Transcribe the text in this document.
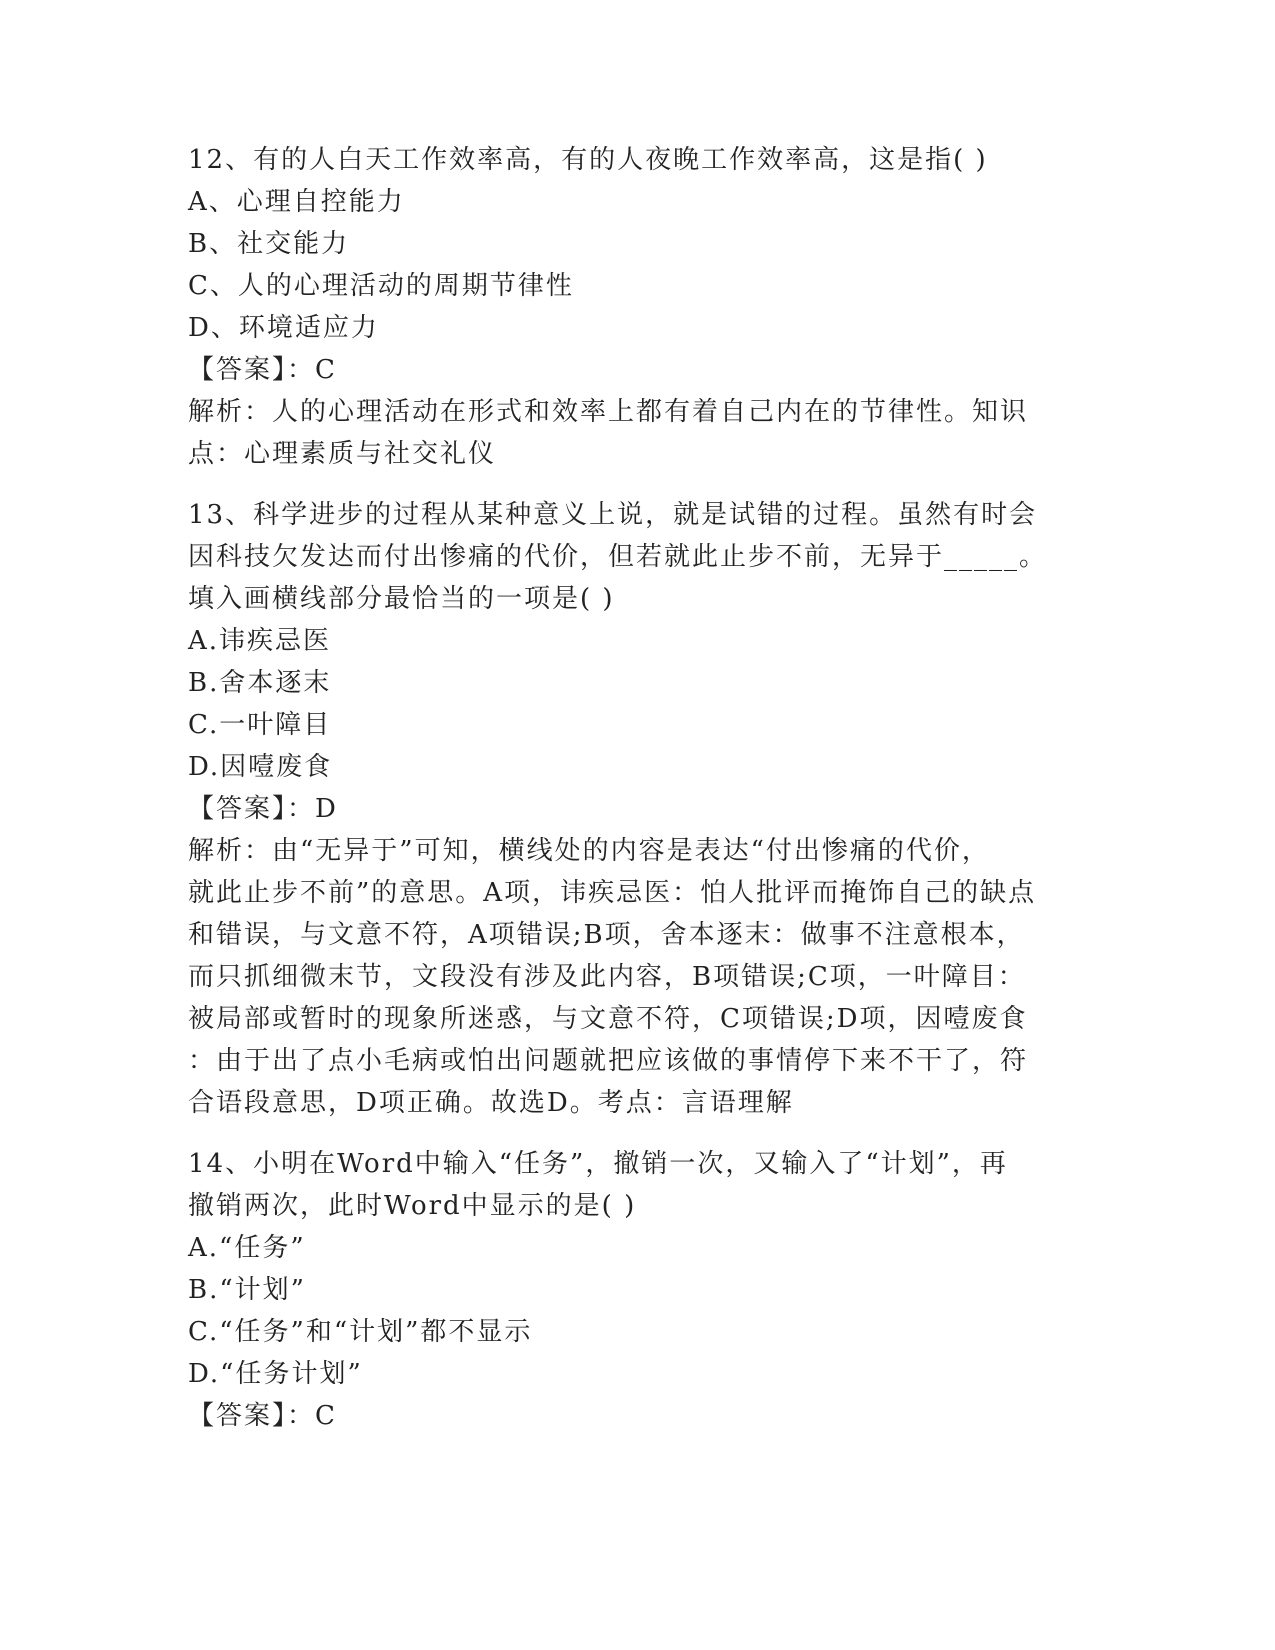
12、有的人白天工作效率高，有的人夜晚工作效率高，这是指( )
A、心理自控能力
B、社交能力
C、人的心理活动的周期节律性
D、环境适应力
【答案】：C
解析：人的心理活动在形式和效率上都有着自己内在的节律性。知识
点：心理素质与社交礼仪
13、科学进步的过程从某种意义上说，就是试错的过程。虽然有时会
因科技欠发达而付出惨痛的代价，但若就此止步不前，无异于_____。
填入画横线部分最恰当的一项是( )
A.讳疾忌医
B.舍本逐末
C.一叶障目
D.因噎废食
【答案】：D
解析：由“无异于”可知，横线处的内容是表达“付出惨痛的代价，
就此止步不前”的意思。A项，讳疾忌医：怕人批评而掩饰自己的缺点
和错误，与文意不符，A项错误;B项，舍本逐末：做事不注意根本，
而只抓细微末节，文段没有涉及此内容，B项错误;C项，一叶障目：
被局部或暂时的现象所迷惑，与文意不符，C项错误;D项，因噎废食
：由于出了点小毛病或怕出问题就把应该做的事情停下来不干了，符
合语段意思，D项正确。故选D。考点：言语理解
14、小明在Word中输入“任务”，撤销一次，又输入了“计划”，再
撤销两次，此时Word中显示的是( )
A.“任务”
B.“计划”
C.“任务”和“计划”都不显示
D.“任务计划”
【答案】：C
